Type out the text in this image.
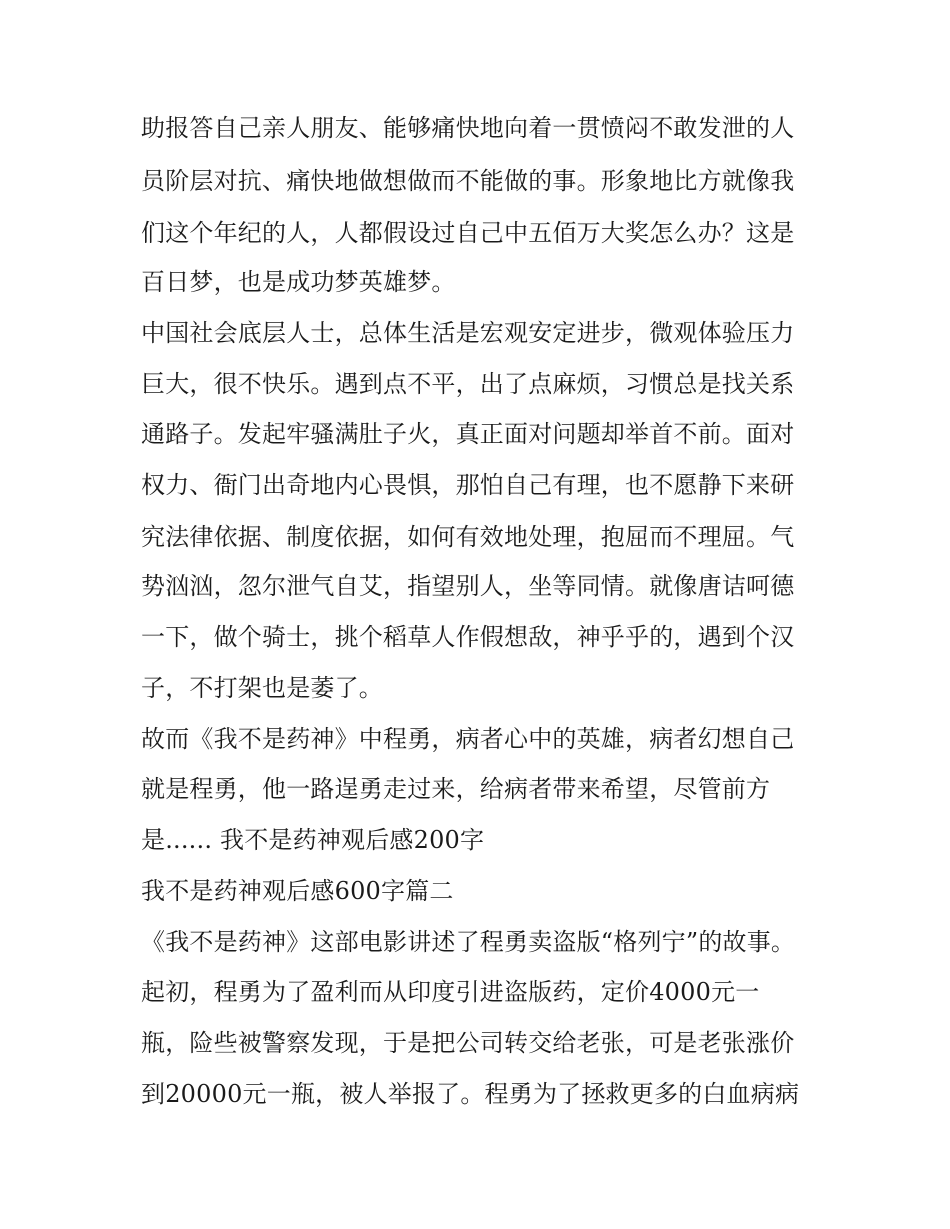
助报答自己亲人朋友、能够痛快地向着一贯愤闷不敢发泄的人
员阶层对抗、痛快地做想做而不能做的事。形象地比方就像我
们这个年纪的人，人都假设过自己中五佰万大奖怎么办？这是
百日梦，也是成功梦英雄梦。
中国社会底层人士，总体生活是宏观安定进步，微观体验压力
巨大，很不快乐。遇到点不平，出了点麻烦，习惯总是找关系
通路子。发起牢骚满肚子火，真正面对问题却举首不前。面对
权力、衙门出奇地内心畏惧，那怕自己有理，也不愿静下来研
究法律依据、制度依据，如何有效地处理，抱屈而不理屈。气
势汹汹，忽尔泄气自艾，指望别人，坐等同情。就像唐诘呵德
一下，做个骑士，挑个稻草人作假想敌，神乎乎的，遇到个汉
子，不打架也是萎了。
故而《我不是药神》中程勇，病者心中的英雄，病者幻想自己
就是程勇，他一路逞勇走过来，给病者带来希望，尽管前方
是...... 我不是药神观后感200字
我不是药神观后感600字篇二
《我不是药神》这部电影讲述了程勇卖盗版“格列宁”的故事。
起初，程勇为了盈利而从印度引进盗版药，定价4000元一
瓶，险些被警察发现，于是把公司转交给老张，可是老张涨价
到20000元一瓶，被人举报了。程勇为了拯救更多的白血病病
